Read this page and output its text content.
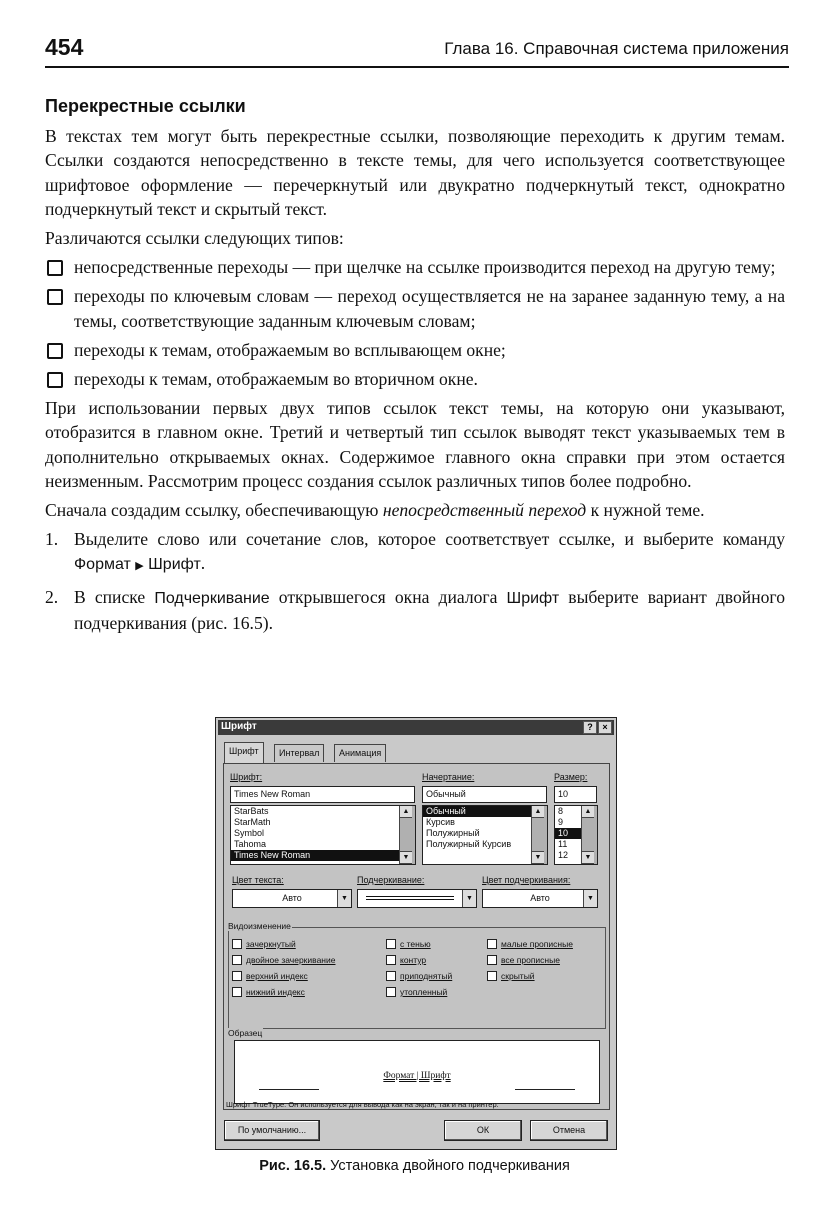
454	Глава 16. Справочная система приложения
Перекрестные ссылки

В текстах тем могут быть перекрестные ссылки, позволяющие переходить к другим темам. Ссылки создаются непосредственно в тексте темы, для чего используется соответствующее шрифтовое оформление — перечеркнутый или двукратно подчеркнутый текст, однократно подчеркнутый текст и скрытый текст.

Различаются ссылки следующих типов:

непосредственные переходы — при щелчке на ссылке производится переход на другую тему;
переходы по ключевым словам — переход осуществляется не на заранее заданную тему, а на темы, соответствующие заданным ключевым словам;
переходы к темам, отображаемым во всплывающем окне;
переходы к темам, отображаемым во вторичном окне.

При использовании первых двух типов ссылок текст темы, на которую они указывают, отобразится в главном окне. Третий и четвертый тип ссылок выводят текст указываемых тем в дополнительно открываемых окнах. Содержимое главного окна справки при этом остается неизменным. Рассмотрим процесс создания ссылок различных типов более подробно.

Сначала создадим ссылку, обеспечивающую непосредственный переход к нужной теме.

1. Выделите слово или сочетание слов, которое соответствует ссылке, и выберите команду Формат ▶ Шрифт.
2. В списке Подчеркивание открывшегося окна диалога Шрифт выберите вариант двойного подчеркивания (рис. 16.5).
Шрифт	?	×
Шрифт	Интервал	Анимация
Шрифт:
Times New Roman
StarBats
StarMath
Symbol
Tahoma
Times New Roman
▲
▼
Начертание:
Обычный
Обычный
Курсив
Полужирный
Полужирный Курсив
▲
▼
Размер:
10
8
9
10
11
12
▲
▼
Цвет текста:
Авто	▼
Подчеркивание:
▼
Цвет подчеркивания:
Авто	▼
Видоизменение
зачеркнутый
двойное зачеркивание
верхний индекс
нижний индекс
с тенью
контур
приподнятый
утопленный
малые прописные
все прописные
скрытый
Образец
Формат | Шрифт
Шрифт TrueType. Он используется для вывода как на экран, так и на принтер.
По умолчанию...	ОК	Отмена
Рис. 16.5. Установка двойного подчеркивания
